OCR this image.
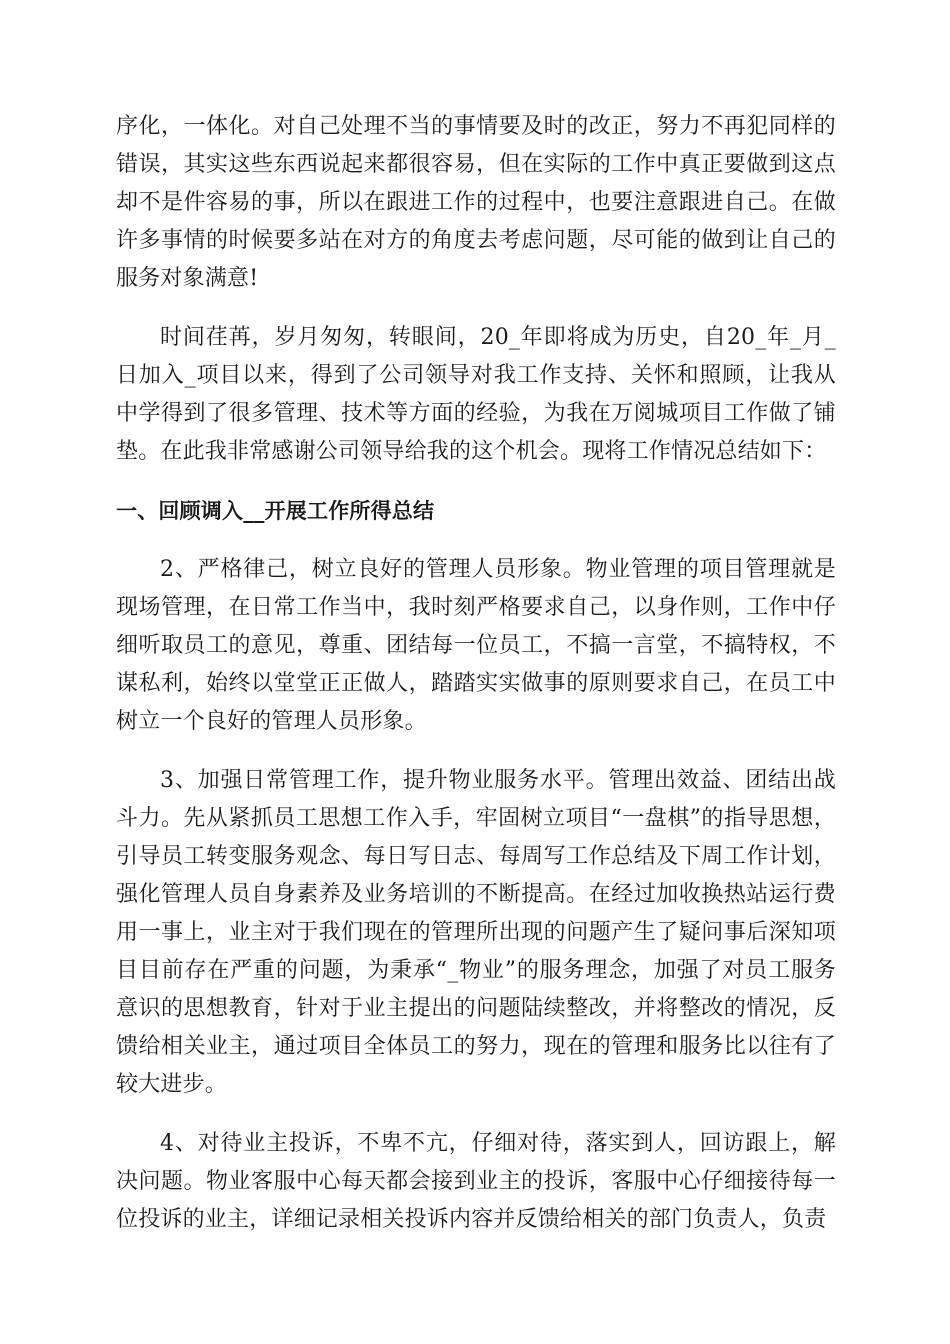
序化，一体化。对自己处理不当的事情要及时的改正，努力不再犯同样的错误，其实这些东西说起来都很容易，但在实际的工作中真正要做到这点却不是件容易的事，所以在跟进工作的过程中，也要注意跟进自己。在做许多事情的时候要多站在对方的角度去考虑问题，尽可能的做到让自己的服务对象满意!

时间荏苒，岁月匆匆，转眼间，20_年即将成为历史，自20_年_月_日加入_项目以来，得到了公司领导对我工作支持、关怀和照顾，让我从中学得到了很多管理、技术等方面的经验，为我在万阅城项目工作做了铺垫。在此我非常感谢公司领导给我的这个机会。现将工作情况总结如下：

一、回顾调入__开展工作所得总结

2、严格律己，树立良好的管理人员形象。物业管理的项目管理就是现场管理，在日常工作当中，我时刻严格要求自己，以身作则，工作中仔细听取员工的意见，尊重、团结每一位员工，不搞一言堂，不搞特权，不谋私利，始终以堂堂正正做人，踏踏实实做事的原则要求自己，在员工中树立一个良好的管理人员形象。

3、加强日常管理工作，提升物业服务水平。管理出效益、团结出战斗力。先从紧抓员工思想工作入手，牢固树立项目“一盘棋”的指导思想，引导员工转变服务观念、每日写日志、每周写工作总结及下周工作计划，强化管理人员自身素养及业务培训的不断提高。在经过加收换热站运行费用一事上，业主对于我们现在的管理所出现的问题产生了疑问事后深知项目目前存在严重的问题，为秉承“_物业”的服务理念，加强了对员工服务意识的思想教育，针对于业主提出的问题陆续整改，并将整改的情况，反馈给相关业主，通过项目全体员工的努力，现在的管理和服务比以往有了较大进步。

4、对待业主投诉，不卑不亢，仔细对待，落实到人，回访跟上，解决问题。物业客服中心每天都会接到业主的投诉，客服中心仔细接待每一位投诉的业主，详细记录相关投诉内容并反馈给相关的部门负责人，负责
